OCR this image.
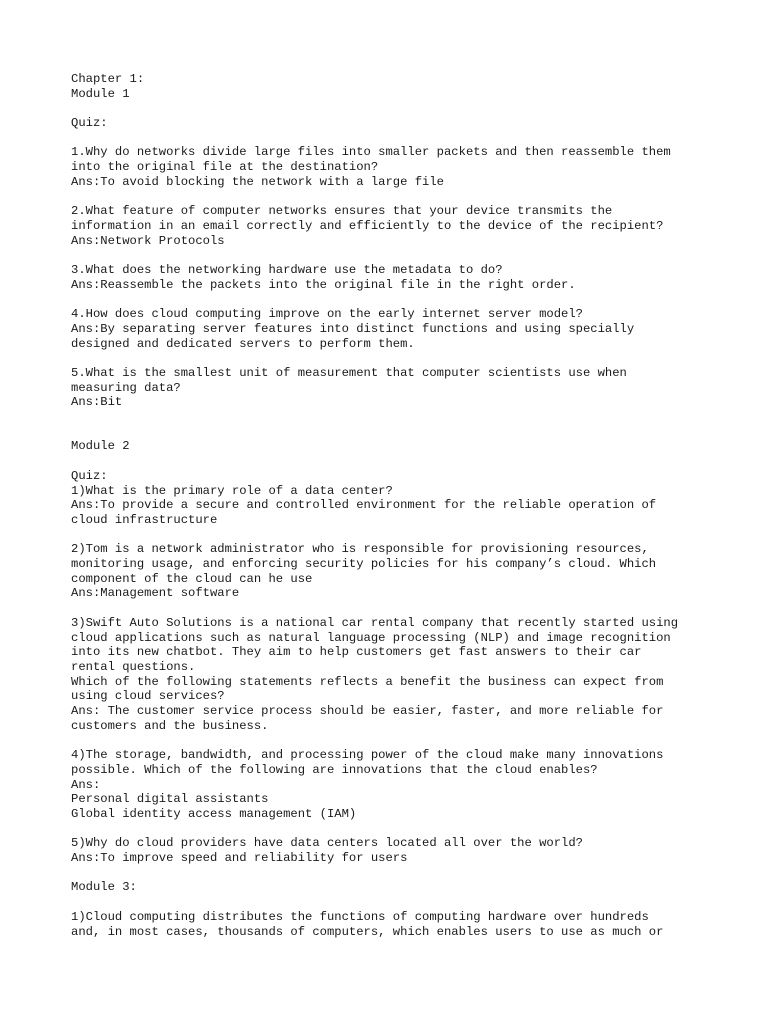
Chapter 1:
Module 1
Quiz:
1.Why do networks divide large files into smaller packets and then reassemble them
into the original file at the destination?
Ans:To avoid blocking the network with a large file
2.What feature of computer networks ensures that your device transmits the
information in an email correctly and efficiently to the device of the recipient?
Ans:Network Protocols
3.What does the networking hardware use the metadata to do?
Ans:Reassemble the packets into the original file in the right order.
4.How does cloud computing improve on the early internet server model?
Ans:By separating server features into distinct functions and using specially
designed and dedicated servers to perform them.
5.What is the smallest unit of measurement that computer scientists use when
measuring data?
Ans:Bit
Module 2
Quiz:
1)What is the primary role of a data center?
Ans:To provide a secure and controlled environment for the reliable operation of
cloud infrastructure
2)Tom is a network administrator who is responsible for provisioning resources,
monitoring usage, and enforcing security policies for his company’s cloud. Which
component of the cloud can he use
Ans:Management software
3)Swift Auto Solutions is a national car rental company that recently started using
cloud applications such as natural language processing (NLP) and image recognition
into its new chatbot. They aim to help customers get fast answers to their car
rental questions.
Which of the following statements reflects a benefit the business can expect from
using cloud services?
Ans: The customer service process should be easier, faster, and more reliable for
customers and the business.
4)The storage, bandwidth, and processing power of the cloud make many innovations
possible. Which of the following are innovations that the cloud enables?
Ans:
Personal digital assistants
Global identity access management (IAM)
5)Why do cloud providers have data centers located all over the world?
Ans:To improve speed and reliability for users
Module 3:
1)Cloud computing distributes the functions of computing hardware over hundreds
and, in most cases, thousands of computers, which enables users to use as much or
